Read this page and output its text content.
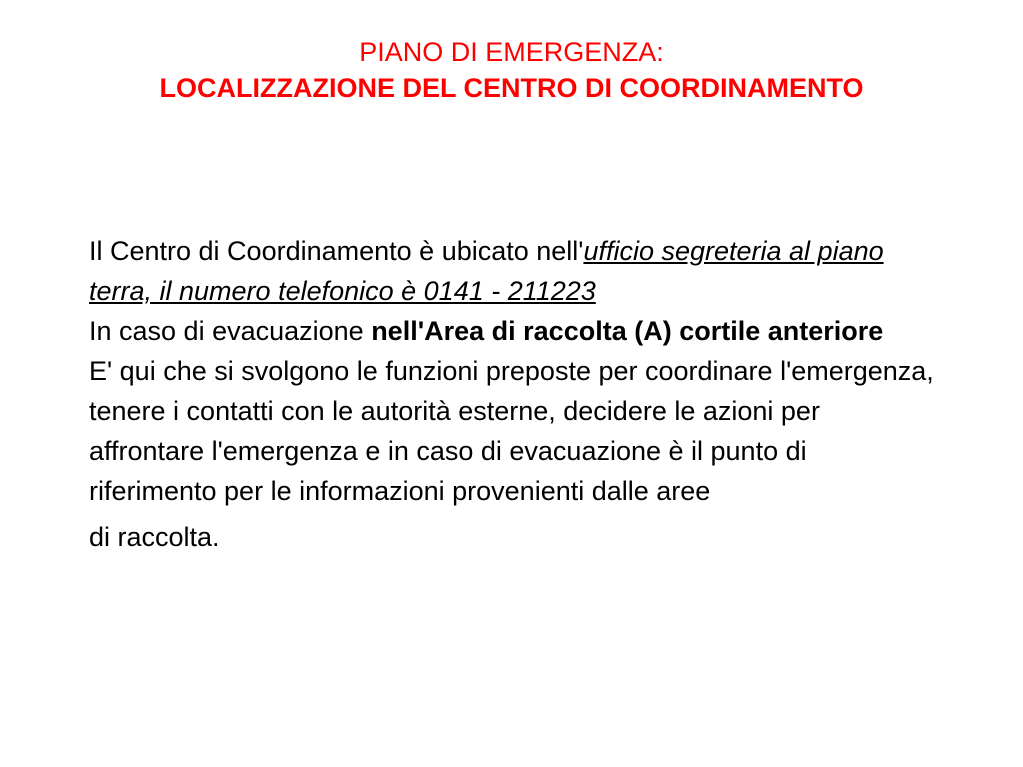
PIANO DI EMERGENZA:
LOCALIZZAZIONE DEL CENTRO DI COORDINAMENTO
Il Centro di Coordinamento è ubicato nell'ufficio segreteria al piano terra, il numero telefonico è 0141 - 211223
In caso di evacuazione nell'Area di raccolta (A) cortile anteriore
E' qui che si svolgono le funzioni preposte per coordinare l'emergenza, tenere i contatti con le autorità esterne, decidere le azioni per affrontare l'emergenza e in caso di evacuazione è il punto di riferimento per le informazioni provenienti dalle aree
di raccolta.
